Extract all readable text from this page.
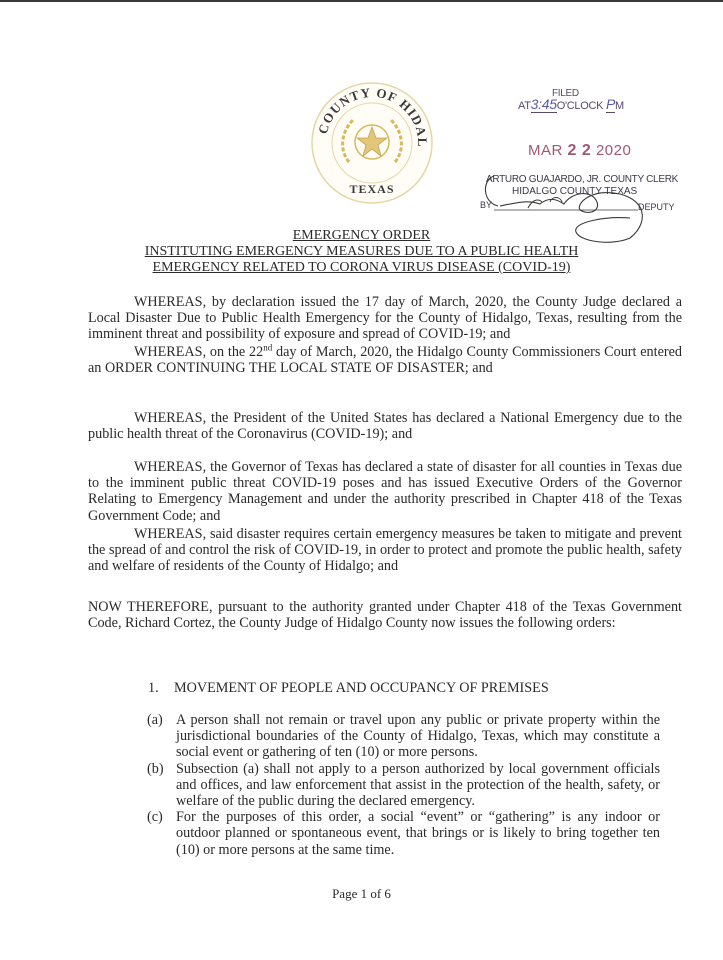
COUNTY OF HIDAL
TEXAS
AT3:45O'CLOCK PM
FILED
MAR 2 2 2020
ARTURO GUAJARDO, JR. COUNTY CLERK
HIDALGO COUNTY TEXAS
BY	DEPUTY
EMERGENCY ORDER
INSTITUTING EMERGENCY MEASURES DUE TO A PUBLIC HEALTH
EMERGENCY RELATED TO CORONA VIRUS DISEASE (COVID-19)
WHEREAS, by declaration issued the 17 day of March, 2020, the County Judge declared a Local Disaster Due to Public Health Emergency for the County of Hidalgo, Texas, resulting from the imminent threat and possibility of exposure and spread of COVID-19; and
WHEREAS, on the 22nd day of March, 2020, the Hidalgo County Commissioners Court entered an ORDER CONTINUING THE LOCAL STATE OF DISASTER; and
WHEREAS, the President of the United States has declared a National Emergency due to the public health threat of the Coronavirus (COVID-19); and
WHEREAS, the Governor of Texas has declared a state of disaster for all counties in Texas due to the imminent public threat COVID-19 poses and has issued Executive Orders of the Governor Relating to Emergency Management and under the authority prescribed in Chapter 418 of the Texas Government Code; and
WHEREAS, said disaster requires certain emergency measures be taken to mitigate and prevent the spread of and control the risk of COVID-19, in order to protect and promote the public health, safety and welfare of residents of the County of Hidalgo; and
NOW THEREFORE, pursuant to the authority granted under Chapter 418 of the Texas Government Code, Richard Cortez, the County Judge of Hidalgo County now issues the following orders:
1. MOVEMENT OF PEOPLE AND OCCUPANCY OF PREMISES
(a) A person shall not remain or travel upon any public or private property within the jurisdictional boundaries of the County of Hidalgo, Texas, which may constitute a social event or gathering of ten (10) or more persons.
(b) Subsection (a) shall not apply to a person authorized by local government officials and offices, and law enforcement that assist in the protection of the health, safety, or welfare of the public during the declared emergency.
(c) For the purposes of this order, a social “event” or “gathering” is any indoor or outdoor planned or spontaneous event, that brings or is likely to bring together ten (10) or more persons at the same time.
Page 1 of 6
